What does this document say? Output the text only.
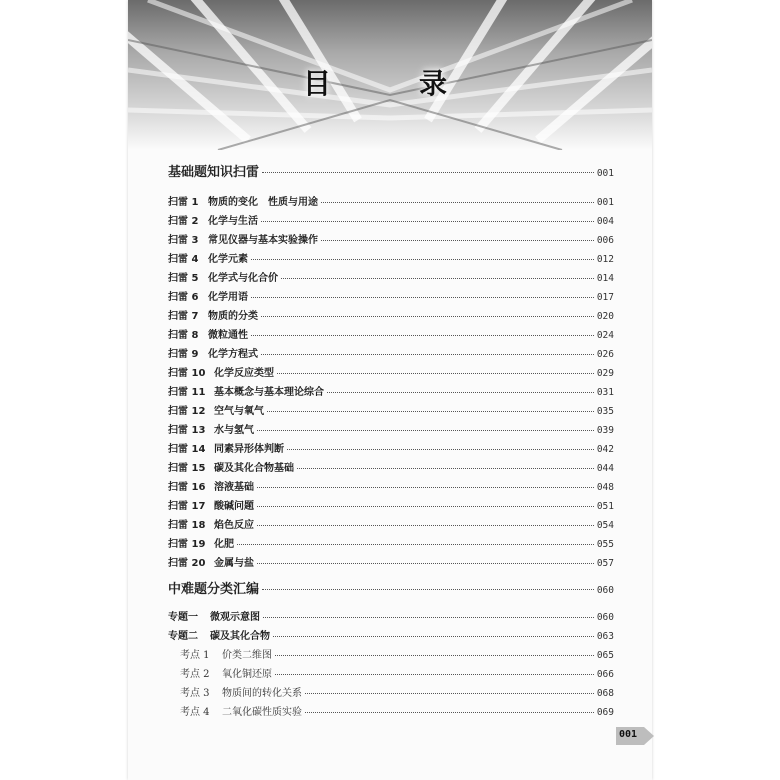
目　录
基础题知识扫雷	001
扫雷 1 物质的变化　性质与用途	001
扫雷 2 化学与生活	004
扫雷 3 常见仪器与基本实验操作	006
扫雷 4 化学元素	012
扫雷 5 化学式与化合价	014
扫雷 6 化学用语	017
扫雷 7 物质的分类	020
扫雷 8 微粒通性	024
扫雷 9 化学方程式	026
扫雷 10 化学反应类型	029
扫雷 11 基本概念与基本理论综合	031
扫雷 12 空气与氧气	035
扫雷 13 水与氢气	039
扫雷 14 同素异形体判断	042
扫雷 15 碳及其化合物基础	044
扫雷 16 溶液基础	048
扫雷 17 酸碱问题	051
扫雷 18 焰色反应	054
扫雷 19 化肥	055
扫雷 20 金属与盐	057
中难题分类汇编	060
专题一	微观示意图	060
专题二	碳及其化合物	063
考点 1	价类二维图	065
考点 2	氧化铜还原	066
考点 3	物质间的转化关系	068
考点 4	二氧化碳性质实验	069
001
